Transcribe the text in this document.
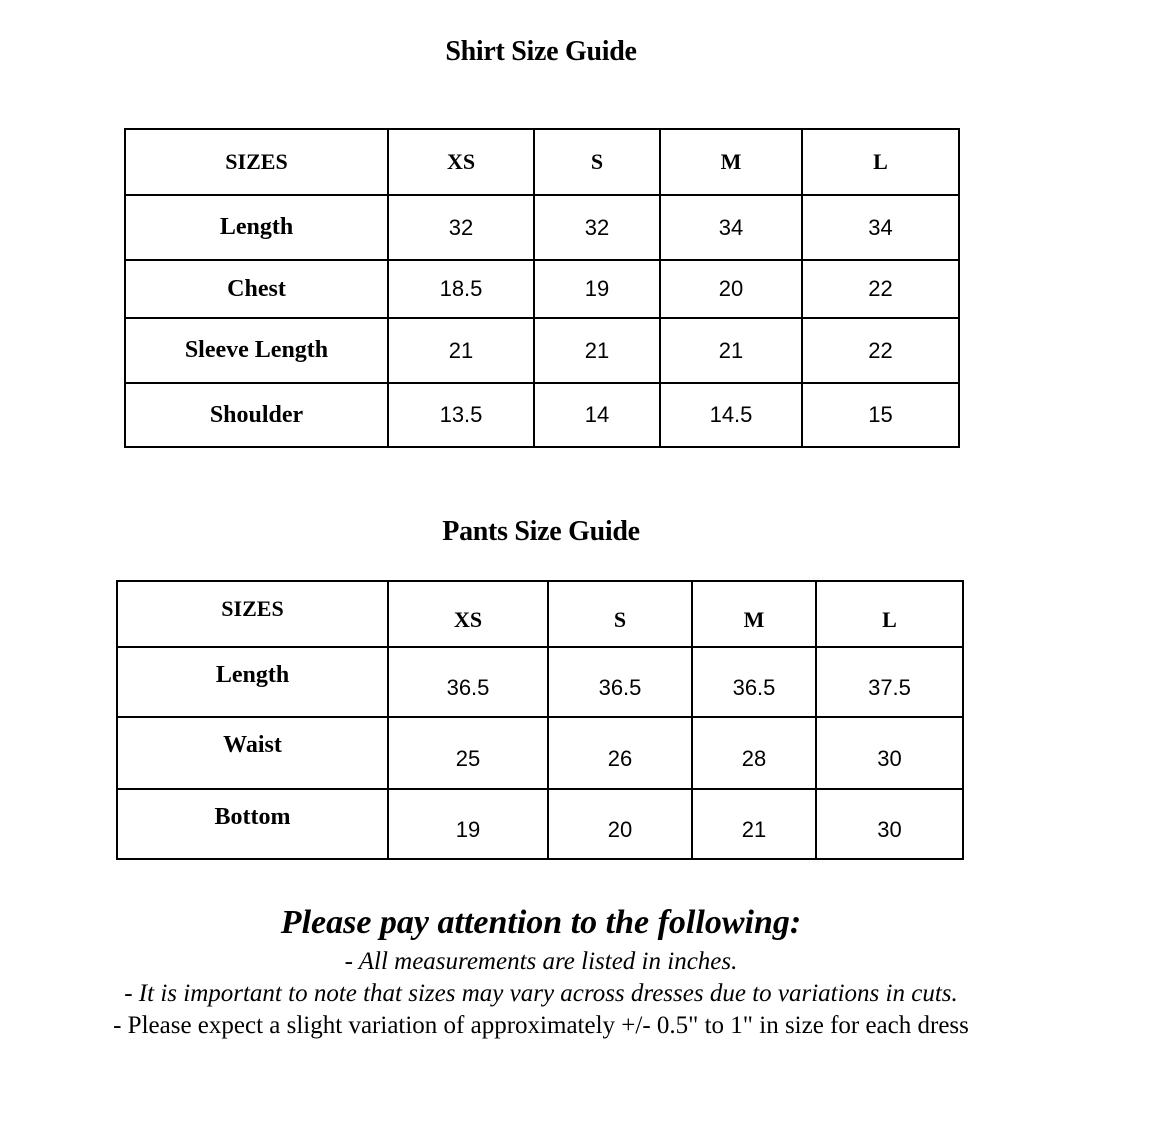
Shirt Size Guide
SIZES	XS	S	M	L
Length	32	32	34	34
Chest	18.5	19	20	22
Sleeve Length	21	21	21	22
Shoulder	13.5	14	14.5	15
Pants Size Guide
SIZES	XS	S	M	L
Length	36.5	36.5	36.5	37.5
Waist	25	26	28	30
Bottom	19	20	21	30

Please pay attention to the following:

- All measurements are listed in inches.

- It is important to note that sizes may vary across dresses due to variations in cuts.

- Please expect a slight variation of approximately +/- 0.5" to 1" in size for each dress
